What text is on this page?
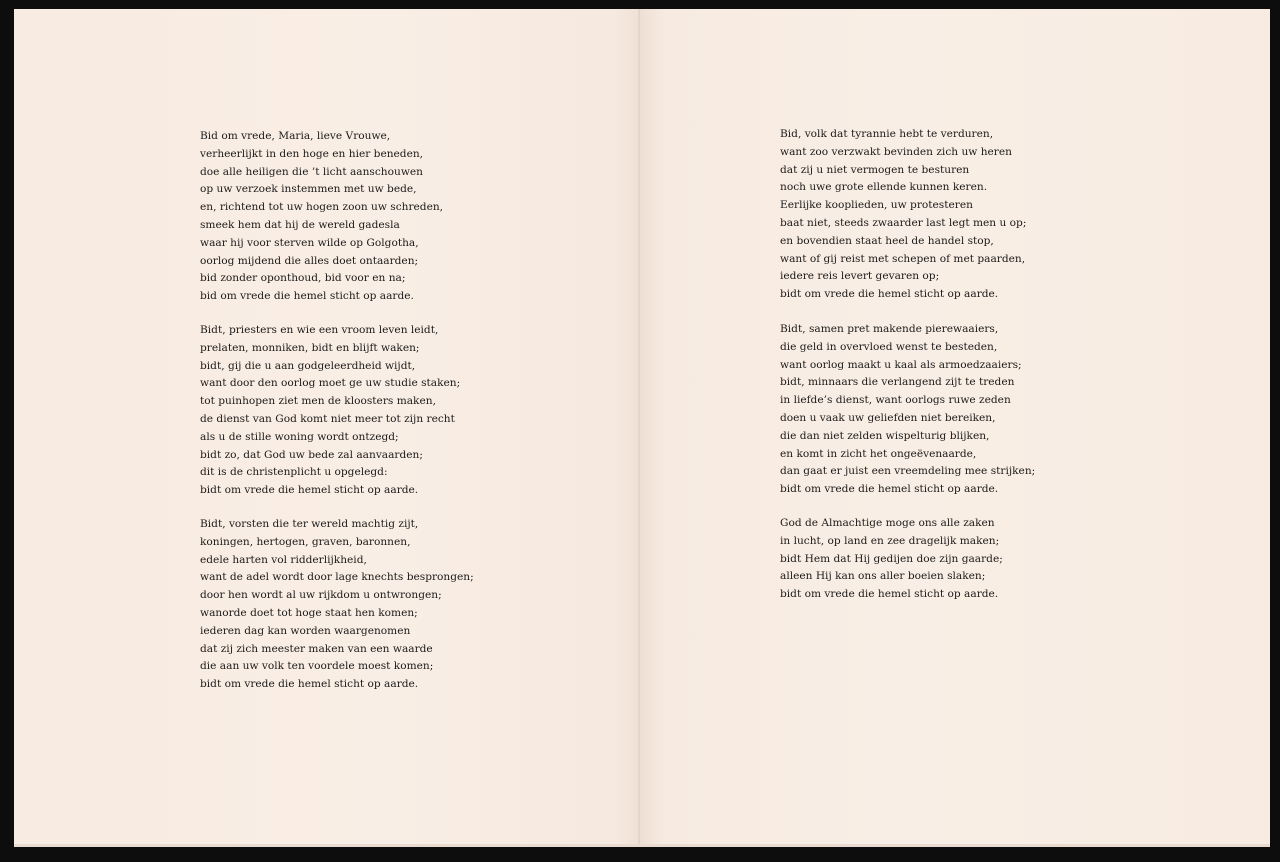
Bid om vrede, Maria, lieve Vrouwe,
verheerlijkt in den hoge en hier beneden,
doe alle heiligen die ’t licht aanschouwen
op uw verzoek instemmen met uw bede,
en, richtend tot uw hogen zoon uw schreden,
smeek hem dat hij de wereld gadesla
waar hij voor sterven wilde op Golgotha,
oorlog mijdend die alles doet ontaarden;
bid zonder oponthoud, bid voor en na;
bid om vrede die hemel sticht op aarde.
Bidt, priesters en wie een vroom leven leidt,
prelaten, monniken, bidt en blijft waken;
bidt, gij die u aan godgeleerdheid wijdt,
want door den oorlog moet ge uw studie staken;
tot puinhopen ziet men de kloosters maken,
de dienst van God komt niet meer tot zijn recht
als u de stille woning wordt ontzegd;
bidt zo, dat God uw bede zal aanvaarden;
dit is de christenplicht u opgelegd:
bidt om vrede die hemel sticht op aarde.
Bidt, vorsten die ter wereld machtig zijt,
koningen, hertogen, graven, baronnen,
edele harten vol ridderlijkheid,
want de adel wordt door lage knechts besprongen;
door hen wordt al uw rijkdom u ontwrongen;
wanorde doet tot hoge staat hen komen;
iederen dag kan worden waargenomen
dat zij zich meester maken van een waarde
die aan uw volk ten voordele moest komen;
bidt om vrede die hemel sticht op aarde.
Bid, volk dat tyrannie hebt te verduren,
want zoo verzwakt bevinden zich uw heren
dat zij u niet vermogen te besturen
noch uwe grote ellende kunnen keren.
Eerlijke kooplieden, uw protesteren
baat niet, steeds zwaarder last legt men u op;
en bovendien staat heel de handel stop,
want of gij reist met schepen of met paarden,
iedere reis levert gevaren op;
bidt om vrede die hemel sticht op aarde.
Bidt, samen pret makende pierewaaiers,
die geld in overvloed wenst te besteden,
want oorlog maakt u kaal als armoedzaaiers;
bidt, minnaars die verlangend zijt te treden
in liefde’s dienst, want oorlogs ruwe zeden
doen u vaak uw geliefden niet bereiken,
die dan niet zelden wispelturig blijken,
en komt in zicht het ongeëvenaarde,
dan gaat er juist een vreemdeling mee strijken;
bidt om vrede die hemel sticht op aarde.
God de Almachtige moge ons alle zaken
in lucht, op land en zee dragelijk maken;
bidt Hem dat Hij gedijen doe zijn gaarde;
alleen Hij kan ons aller boeien slaken;
bidt om vrede die hemel sticht op aarde.
